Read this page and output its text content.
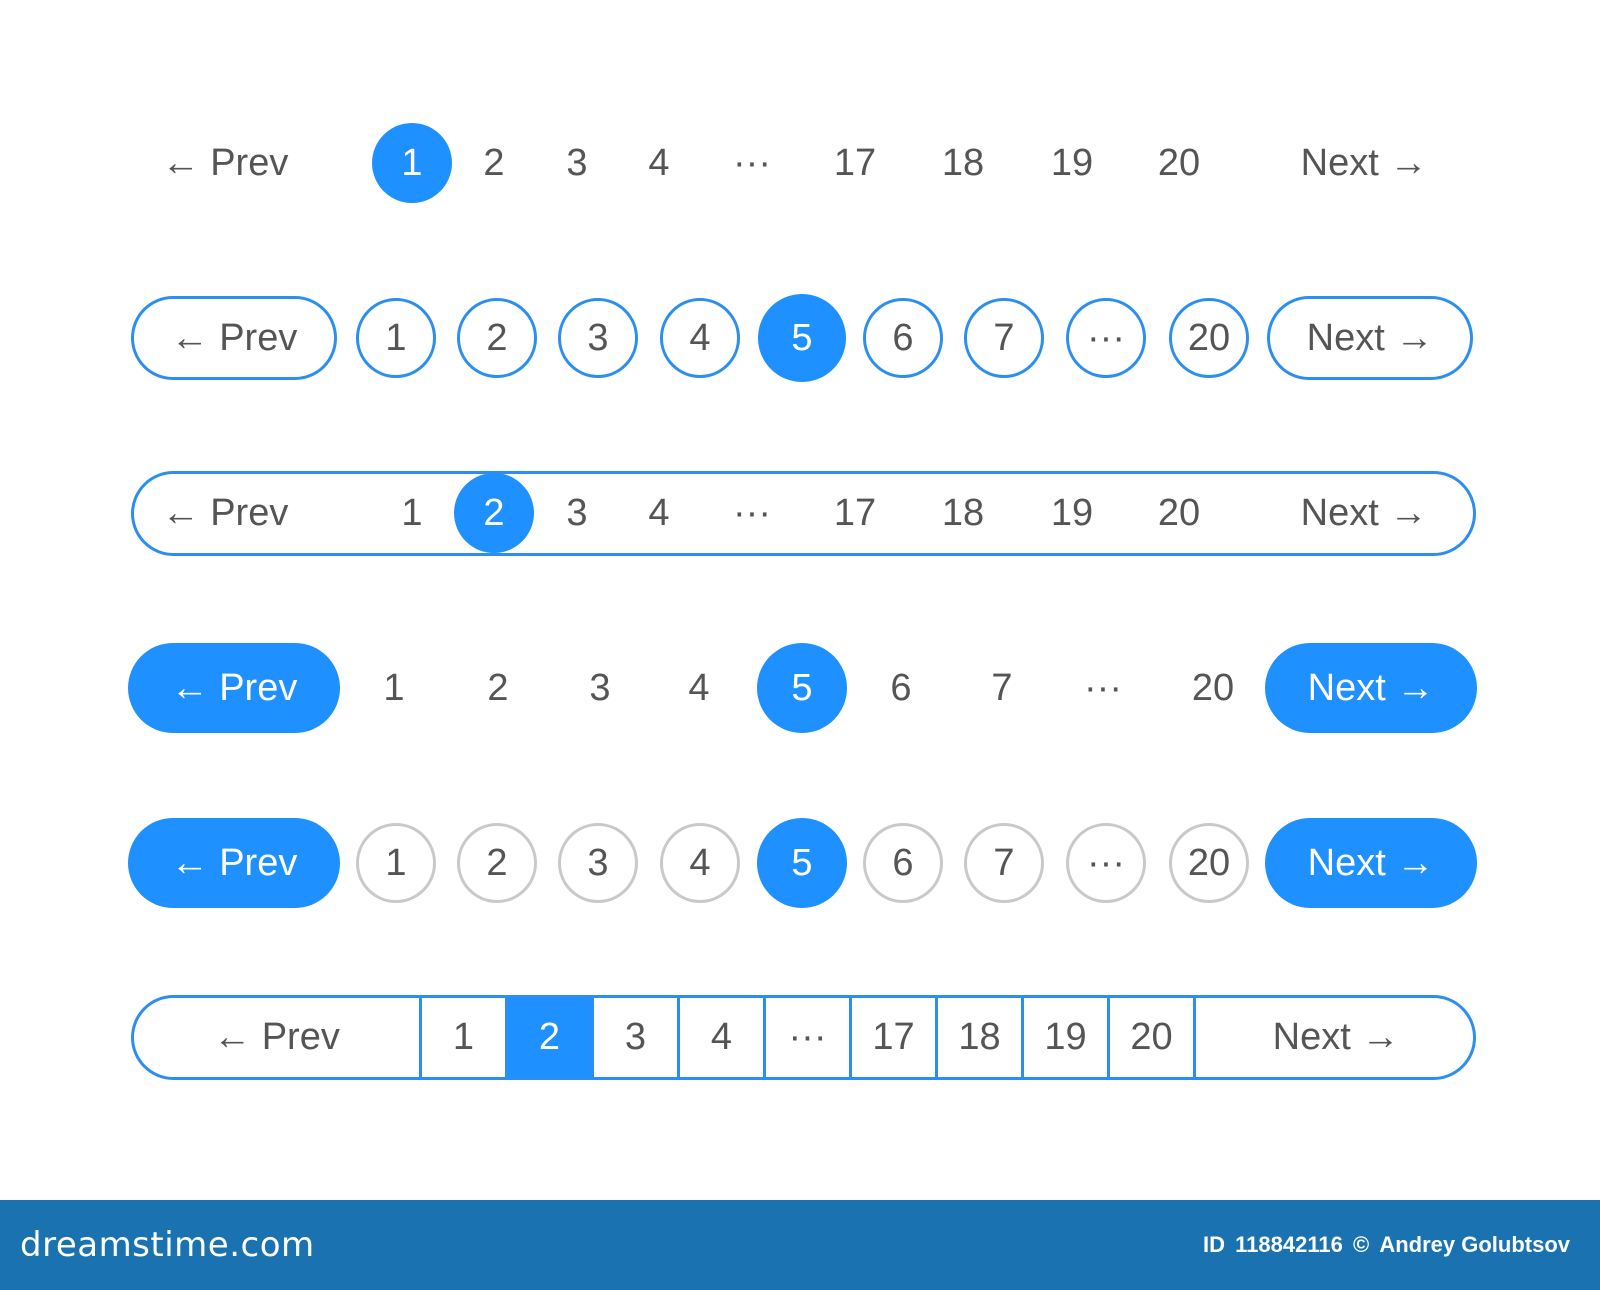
← Prev	1	2 3 4 ··· 17 18 19 20	Next →
← Prev	1	2	3	4	5	6	7	···	20	Next →
← Prev	1	2	3 4 ··· 17 18 19 20	Next →
← Prev	1 2 3 4	5	6 7 ··· 20	Next →
← Prev	1	2	3	4	5	6	7	···	20	Next →
← Prev	1	2	3	4	···	17	18	19	20	Next →
dreamstime.com	ID 118842116 © Andrey Golubtsov
